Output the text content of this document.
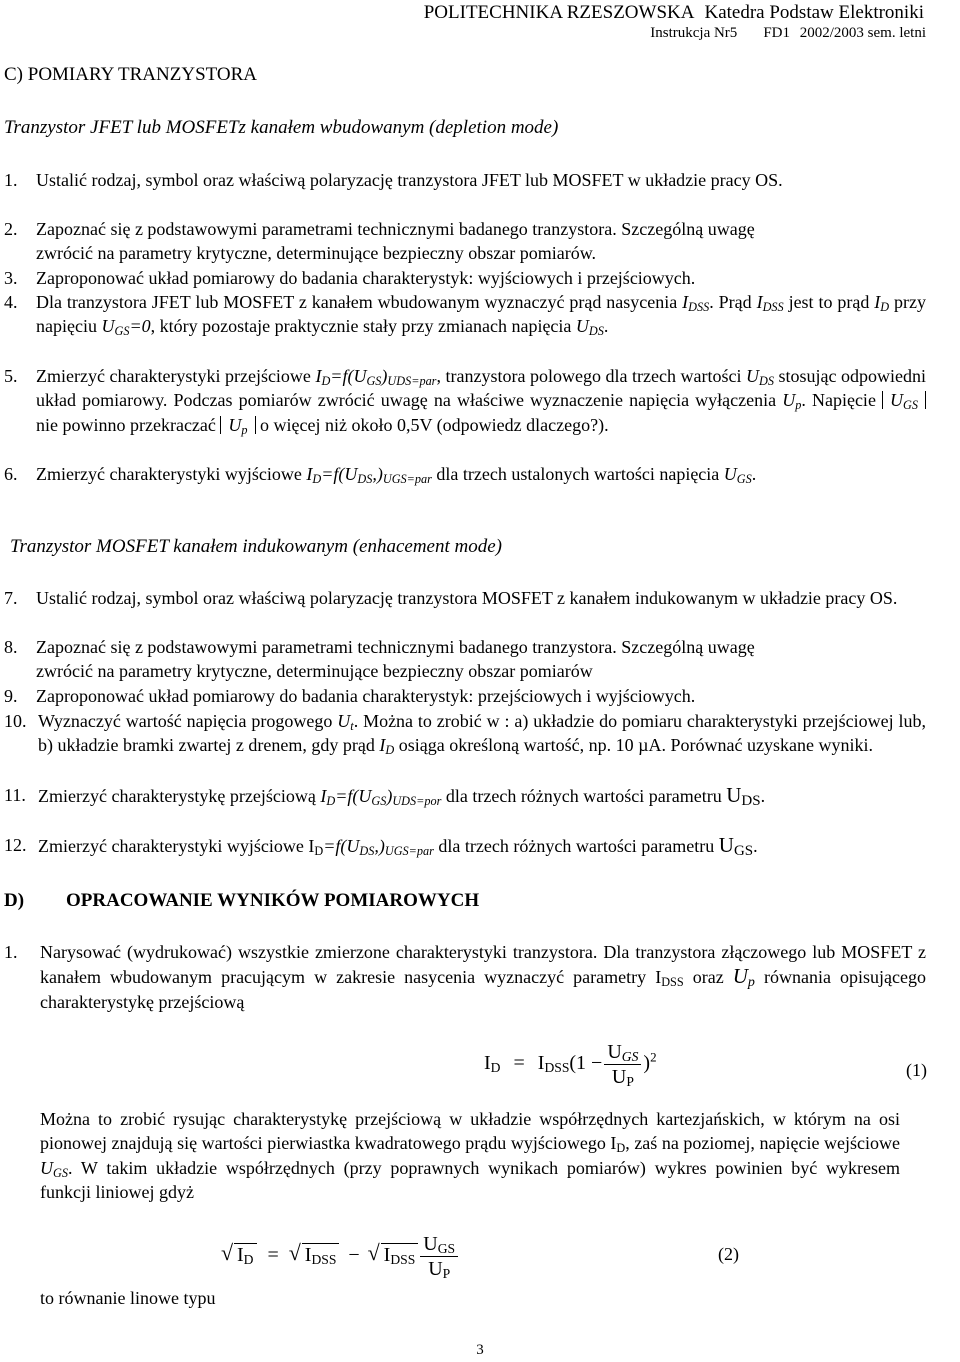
POLITECHNIKA RZESZOWSKA Katedra Podstaw Elektroniki
Instrukcja Nr5 FD1 2002/2003 sem. letni
C) POMIARY TRANZYSTORA
Tranzystor JFET lub MOSFETz kanałem wbudowanym (depletion mode)
1. Ustalić rodzaj, symbol oraz właściwą polaryzację tranzystora JFET lub MOSFET w układzie pracy OS.
2. Zapoznać się z podstawowymi parametrami technicznymi badanego tranzystora. Szczególną uwagę
zwrócić na parametry krytyczne, determinujące bezpieczny obszar pomiarów.
3. Zaproponować układ pomiarowy do badania charakterystyk: wyjściowych i przejściowych.
4. Dla tranzystora JFET lub MOSFET z kanałem wbudowanym wyznaczyć prąd nasycenia $I_{DSS}$. Prąd $I_{DSS}$ jest to prąd $I_D$ przy napięciu $U_{GS}=0$, który pozostaje praktycznie stały przy zmianach napięcia $U_{DS}$.
5. Zmierzyć charakterystyki przejściowe $I_D=f(U_{GS})_{UDS=par}$, tranzystora polowego dla trzech wartości $U_{DS}$ stosując odpowiedni układ pomiarowy. Podczas pomiarów zwrócić uwagę na właściwe wyznaczenie napięcia wyłączenia $U_p$. Napięcie $U_{GS}$ nie powinno przekraczać $U_p$ o więcej niż około 0,5V (odpowiedz dlaczego?).
6. Zmierzyć charakterystyki wyjściowe $I_D=f(U_{DS},)_{UGS=par}$ dla trzech ustalonych wartości napięcia $U_{GS}$.
Tranzystor MOSFET kanałem indukowanym (enhacement mode)
7. Ustalić rodzaj, symbol oraz właściwą polaryzację tranzystora MOSFET z kanałem indukowanym w układzie pracy OS.
8. Zapoznać się z podstawowymi parametrami technicznymi badanego tranzystora. Szczególną uwagę
zwrócić na parametry krytyczne, determinujące bezpieczny obszar pomiarów
9. Zaproponować układ pomiarowy do badania charakterystyk: przejściowych i wyjściowych.
10. Wyznaczyć wartość napięcia progowego $U_t$. Można to zrobić w : a) układzie do pomiaru charakterystyki przejściowej lub, b) układzie bramki zwartej z drenem, gdy prąd $I_D$ osiąga określoną wartość, np. 10 µA. Porównać uzyskane wyniki.
11. Zmierzyć charakterystykę przejściową $I_D=f(U_{GS})_{UDS=por}$ dla trzech różnych wartości parametru $U_{DS}$.
12. Zmierzyć charakterystyki wyjściowe $I_D=f(U_{DS},)_{UGS=par}$ dla trzech różnych wartości parametru $U_{GS}$.
D) OPRACOWANIE WYNIKÓW POMIAROWYCH
1. Narysować (wydrukować) wszystkie zmierzone charakterystyki tranzystora. Dla tranzystora złączowego lub MOSFET z kanałem wbudowanym pracującym w zakresie nasycenia wyznaczyć parametry $I_{DSS}$ oraz $U_p$ równania opisującego charakterystykę przejściową
$I_D = I_{DSS}(1 - \frac{U_{GS}}{U_P} )^2$
(1)
Można to zrobić rysując charakterystykę przejściową w układzie współrzędnych kartezjańskich, w którym na osi pionowej znajdują się wartości pierwiastka kwadratowego prądu wyjściowego $I_D$, zaś na poziomej, napięcie wejściowe $U_{GS}$. W takim układzie współrzędnych (przy poprawnych wynikach pomiarów) wykres powinien być wykresem funkcji liniowej gdyż
√ $I_D$ = √ $I_{DSS}$ − √ $I_{DSS} \frac{U_{GS}}{U_P}$	(2)
to równanie linowe typu
3
